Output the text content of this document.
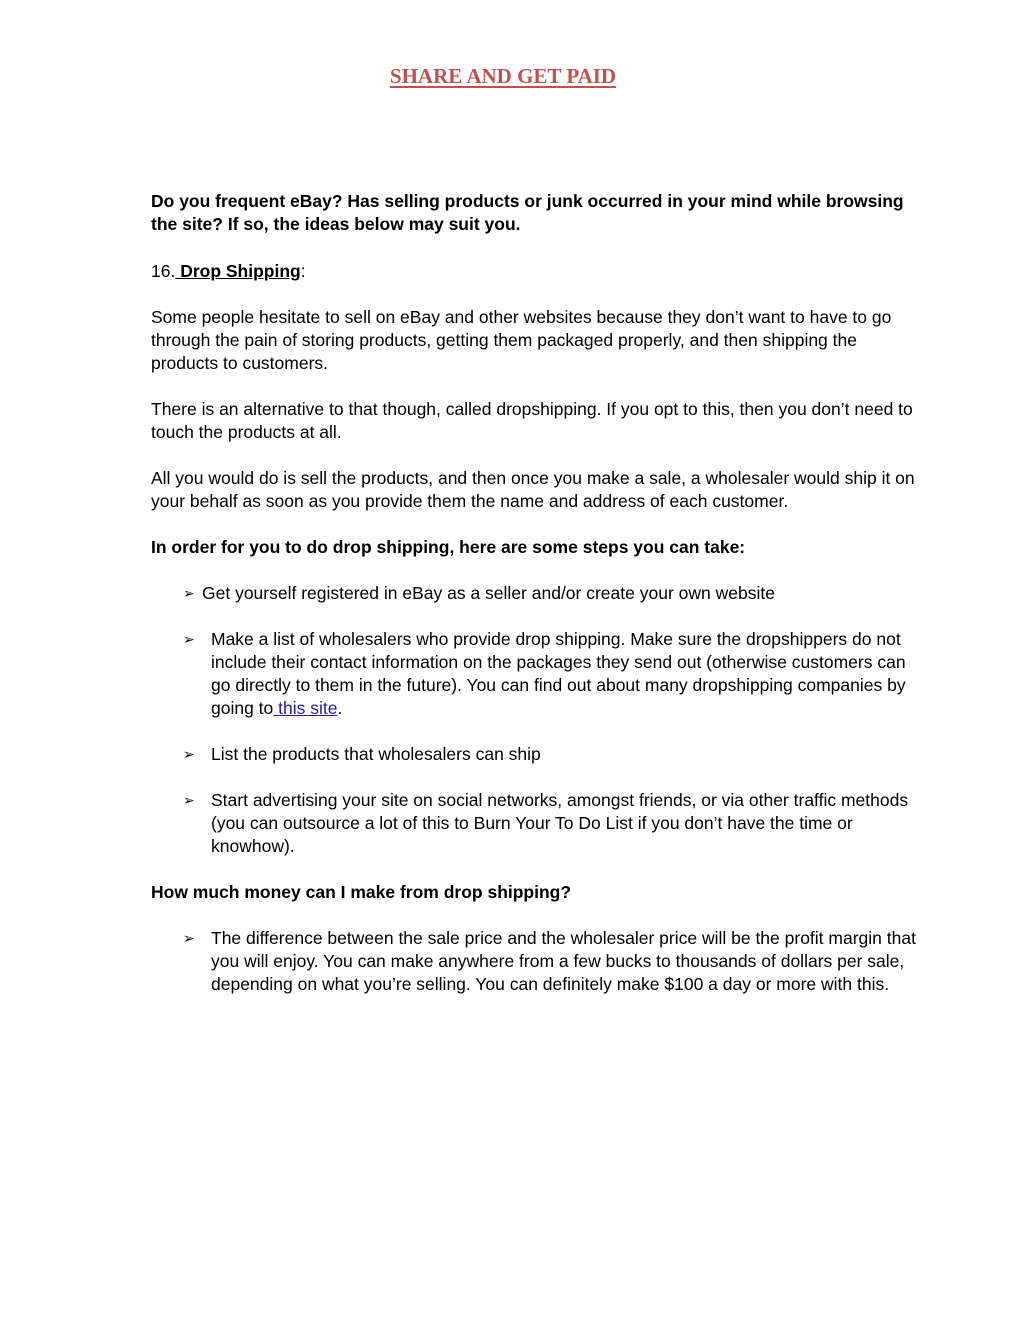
SHARE AND GET PAID

Do you frequent eBay? Has selling products or junk occurred in your mind while browsing the site? If so, the ideas below may suit you.

16. Drop Shipping:

Some people hesitate to sell on eBay and other websites because they don’t want to have to go through the pain of storing products, getting them packaged properly, and then shipping the products to customers.

There is an alternative to that though, called dropshipping. If you opt to this, then you don’t need to touch the products at all.

All you would do is sell the products, and then once you make a sale, a wholesaler would ship it on your behalf as soon as you provide them the name and address of each customer.

In order for you to do drop shipping, here are some steps you can take:

➢ Get yourself registered in eBay as a seller and/or create your own website

➢ Make a list of wholesalers who provide drop shipping. Make sure the dropshippers do not include their contact information on the packages they send out (otherwise customers can go directly to them in the future). You can find out about many dropshipping companies by going to this site.

➢ List the products that wholesalers can ship

➢ Start advertising your site on social networks, amongst friends, or via other traffic methods (you can outsource a lot of this to Burn Your To Do List if you don’t have the time or knowhow).

How much money can I make from drop shipping?

➢ The difference between the sale price and the wholesaler price will be the profit margin that you will enjoy. You can make anywhere from a few bucks to thousands of dollars per sale, depending on what you’re selling. You can definitely make $100 a day or more with this.
